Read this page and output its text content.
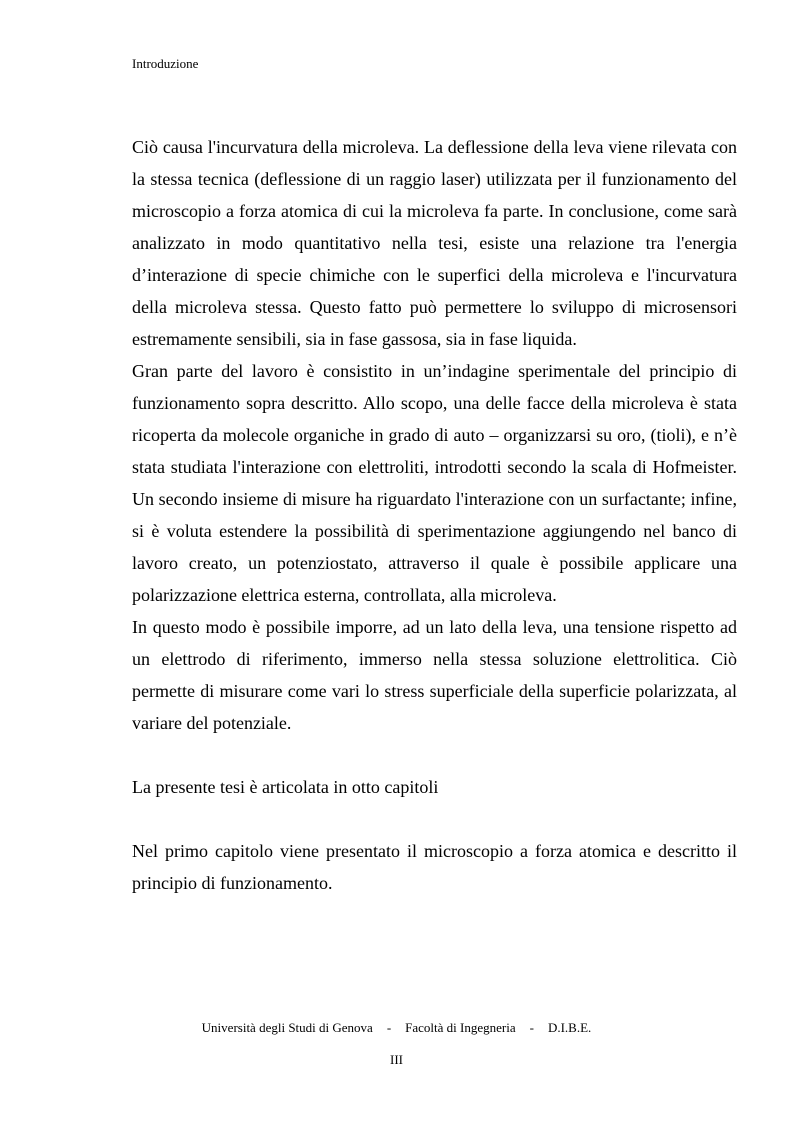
Introduzione

Ciò causa l'incurvatura della microleva. La deflessione della leva viene rilevata con la stessa tecnica (deflessione di un raggio laser) utilizzata per il funzionamento del microscopio a forza atomica di cui la microleva fa parte. In conclusione, come sarà analizzato in modo quantitativo nella tesi, esiste una relazione tra l'energia d’interazione di specie chimiche con le superfici della microleva e l'incurvatura della microleva stessa. Questo fatto può permettere lo sviluppo di microsensori estremamente sensibili, sia in fase gassosa, sia in fase liquida.

Gran parte del lavoro è consistito in un’indagine sperimentale del principio di funzionamento sopra descritto. Allo scopo, una delle facce della microleva è stata ricoperta da molecole organiche in grado di auto – organizzarsi su oro, (tioli), e n’è stata studiata l'interazione con elettroliti, introdotti secondo la scala di Hofmeister. Un secondo insieme di misure ha riguardato l'interazione con un surfactante; infine, si è voluta estendere la possibilità di sperimentazione aggiungendo nel banco di lavoro creato, un potenziostato, attraverso il quale è possibile applicare una polarizzazione elettrica esterna, controllata, alla microleva.

In questo modo è possibile imporre, ad un lato della leva, una tensione rispetto ad un elettrodo di riferimento, immerso nella stessa soluzione elettrolitica. Ciò permette di misurare come vari lo stress superficiale della superficie polarizzata, al variare del potenziale.

La presente tesi è articolata in otto capitoli

Nel primo capitolo viene presentato il microscopio a forza atomica e descritto il principio di funzionamento.

Università degli Studi di Genova - Facoltà di Ingegneria - D.I.B.E.
III
